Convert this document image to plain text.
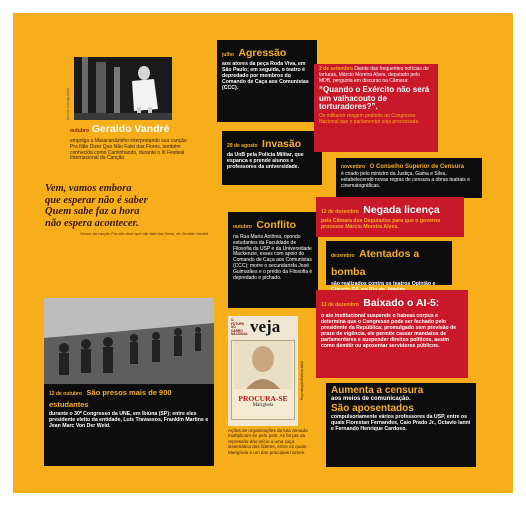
Acervo Iconographia
outubro Geraldo Vandré
empolga o Maracanãzinho interpretando sua canção Pra Não Dizer Que Não Falei das Flores, também conhecida como Caminhando, durante o III Festival Internacional da Canção.
Vem, vamos embora
que esperar não é saber
Quem sabe faz a hora
não espera acontecer.
Versos da canção Pra não dizer que não falei das flores, de Geraldo Vandré
julho Agressão
aos atores da peça Roda Viva, em São Paulo; em seguida, o teatro é depredado por membros do Comando de Caça aos Comunistas (CCC).
29 de agosto Invasão
da UnB pela Polícia Militar, que espanca e prende alunos e professores da universidade.
2 de setembro Diante das frequentes notícias de torturas, Márcio Moreira Alves, deputado pelo MDB, pergunta em discurso na Câmara:
“Quando o Exército não será um valhacouto de torturadores?”.
Os militares reagem pedindo ao Congresso Nacional que o parlamentar seja processado.
novembro O Conselho Superior de Censura
é criado pelo ministro da Justiça, Gama e Silva, estabelecendo novas regras de censura a obras teatrais e cinematográficas.
outubro Conflito
na Rua Maria Antônia, opondo estudantes da Faculdade de Filosofia da USP e da Universidade Mackenzie, esses com apoio do Comando de Caça aos Comunistas (CCC); morre o secundarista José Guimarães e o prédio da Filosofia é depredado e pichado.
12 de dezembro Negada licença
pela Câmara dos Deputados para que o governo processe Márcio Moreira Alves.
dezembro Atentados a bomba
são realizados contra os teatros Opinião e
13 de dezembro Baixado o AI-5:
o ato institucional suspende o habeas corpus e determina que o Congresso pode ser fechado pelo presidente da República; promulgado sem previsão de prazo de vigência, ele permite cassar mandatos de parlamentares e suspender direitos políticos, assim como demitir ou aposentar servidores públicos.
12 de outubro São presos mais de 900 estudantes
durante o 30º Congresso da UNE, em Ibiúna (SP); entre eles presidente eleito da entidade, Luís Travassos, Franklin Martins e Jean Marc Von Der Weid.
O FUTURO DO CARRO NACIONAL veja
PROCURA-SE
Marighela
Reprodução/Editora Abril
Ações de organizações da luta armada multiplicam-se pelo país. As forças da repressão dão início a uma caça sistemática dos líderes, entre os quais Marighela é um dos principais nomes.
Aumenta a censura
aos meios de comunicação.
São aposentados
compulsoriamente vários professores da USP, entre os quais Florestan Fernandes, Caio Prado Jr., Octavio Ianni e Fernando Henrique Cardoso.
